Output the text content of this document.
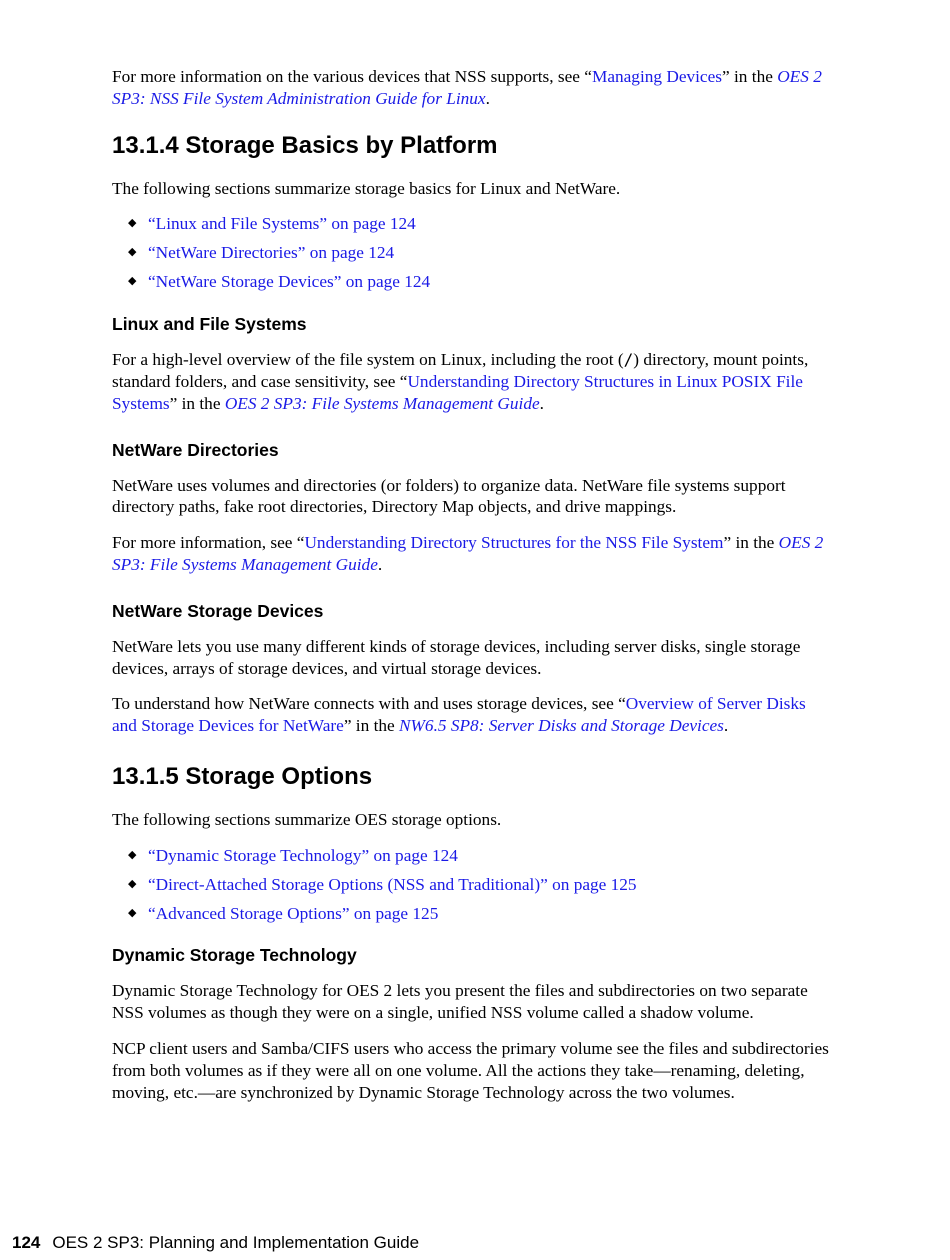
For more information on the various devices that NSS supports, see “Managing Devices” in the OES 2 SP3: NSS File System Administration Guide for Linux.

13.1.4 Storage Basics by Platform

The following sections summarize storage basics for Linux and NetWare.

◆ “Linux and File Systems” on page 124
◆ “NetWare Directories” on page 124
◆ “NetWare Storage Devices” on page 124
Linux and File Systems

For a high-level overview of the file system on Linux, including the root (/) directory, mount points, standard folders, and case sensitivity, see “Understanding Directory Structures in Linux POSIX File Systems” in the OES 2 SP3: File Systems Management Guide.

NetWare Directories

NetWare uses volumes and directories (or folders) to organize data. NetWare file systems support directory paths, fake root directories, Directory Map objects, and drive mappings.

For more information, see “Understanding Directory Structures for the NSS File System” in the OES 2 SP3: File Systems Management Guide.

NetWare Storage Devices

NetWare lets you use many different kinds of storage devices, including server disks, single storage devices, arrays of storage devices, and virtual storage devices.

To understand how NetWare connects with and uses storage devices, see “Overview of Server Disks and Storage Devices for NetWare” in the NW6.5 SP8: Server Disks and Storage Devices.

13.1.5 Storage Options

The following sections summarize OES storage options.

◆ “Dynamic Storage Technology” on page 124
◆ “Direct-Attached Storage Options (NSS and Traditional)” on page 125
◆ “Advanced Storage Options” on page 125
Dynamic Storage Technology

Dynamic Storage Technology for OES 2 lets you present the files and subdirectories on two separate NSS volumes as though they were on a single, unified NSS volume called a shadow volume.

NCP client users and Samba/CIFS users who access the primary volume see the files and subdirectories from both volumes as if they were all on one volume. All the actions they take—renaming, deleting, moving, etc.—are synchronized by Dynamic Storage Technology across the two volumes.

124 OES 2 SP3: Planning and Implementation Guide
